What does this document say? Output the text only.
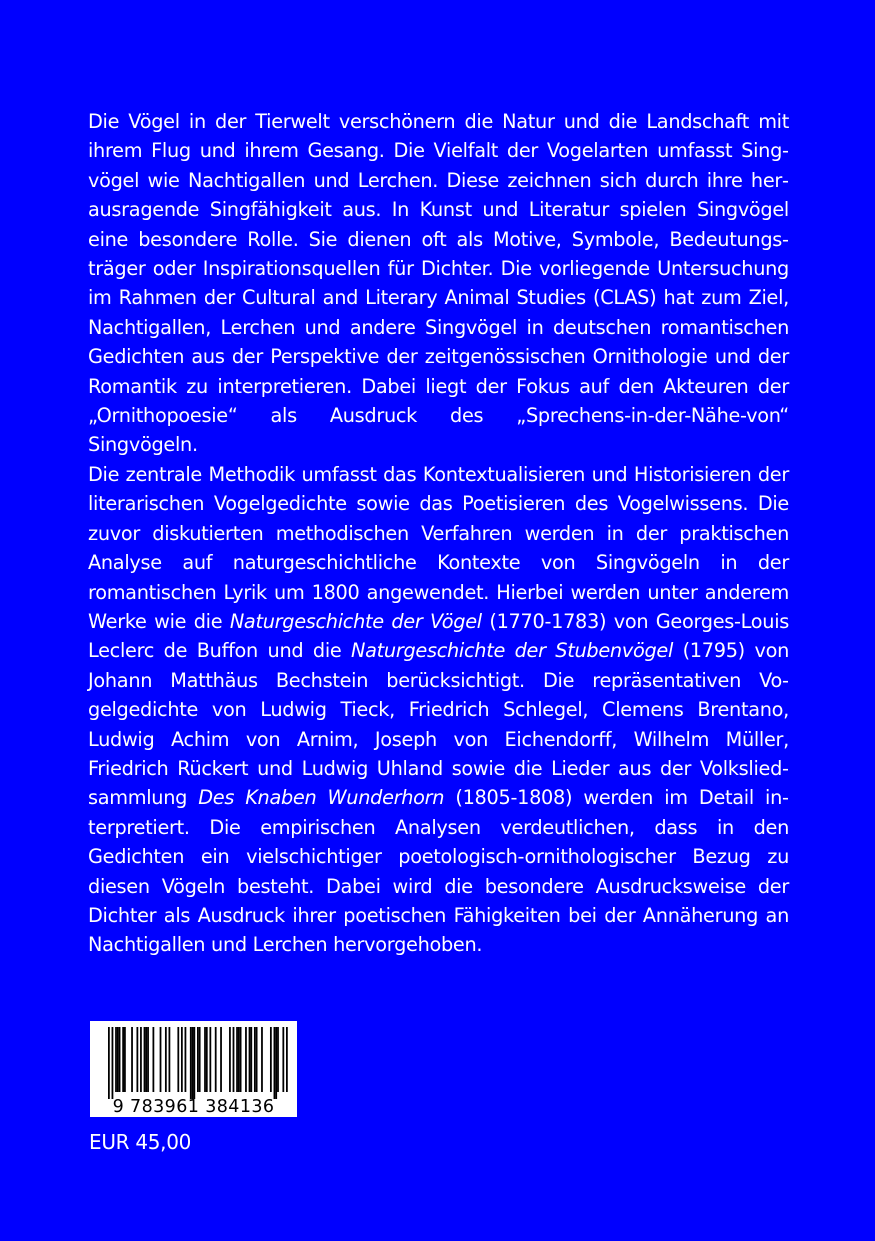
Die Vögel in der Tierwelt verschönern die Natur und die Landschaft mit ihrem Flug und ihrem Gesang. Die Vielfalt der Vogelarten umfasst Singvögel wie Nachtigallen und Lerchen. Diese zeichnen sich durch ihre herausragende Singfähigkeit aus. In Kunst und Literatur spielen Singvögel eine besondere Rolle. Sie dienen oft als Motive, Symbole, Bedeutungsträger oder Inspirationsquellen für Dichter. Die vorliegende Untersuchung im Rahmen der Cultural and Literary Animal Studies (CLAS) hat zum Ziel, Nachtigallen, Lerchen und andere Singvögel in deutschen romantischen Gedichten aus der Perspektive der zeitgenössischen Ornithologie und der Romantik zu interpretieren. Dabei liegt der Fokus auf den Akteuren der „Ornithopoesie“ als Ausdruck des „Sprechens-in-der-Nähe-von“ Singvögeln.

Die zentrale Methodik umfasst das Kontextualisieren und Historisieren der literarischen Vogelgedichte sowie das Poetisieren des Vogelwissens. Die zuvor diskutierten methodischen Verfahren werden in der praktischen Analyse auf naturgeschichtliche Kontexte von Singvögeln in der romantischen Lyrik um 1800 angewendet. Hierbei werden unter anderem Werke wie die Naturgeschichte der Vögel (1770-1783) von Georges-Louis Leclerc de Buffon und die Naturgeschichte der Stubenvögel (1795) von Johann Matthäus Bechstein berücksichtigt. Die repräsentativen Vogelgedichte von Ludwig Tieck, Friedrich Schlegel, Clemens Brentano, Ludwig Achim von Arnim, Joseph von Eichendorff, Wilhelm Müller, Friedrich Rückert und Ludwig Uhland sowie die Lieder aus der Volksliedsammlung Des Knaben Wunderhorn (1805-1808) werden im Detail interpretiert. Die empirischen Analysen verdeutlichen, dass in den Gedichten ein vielschichtiger poetologisch-ornithologischer Bezug zu diesen Vögeln besteht. Dabei wird die besondere Ausdrucksweise der Dichter als Ausdruck ihrer poetischen Fähigkeiten bei der Annäherung an Nachtigallen und Lerchen hervorgehoben.

9 783961 384136
EUR 45,00
